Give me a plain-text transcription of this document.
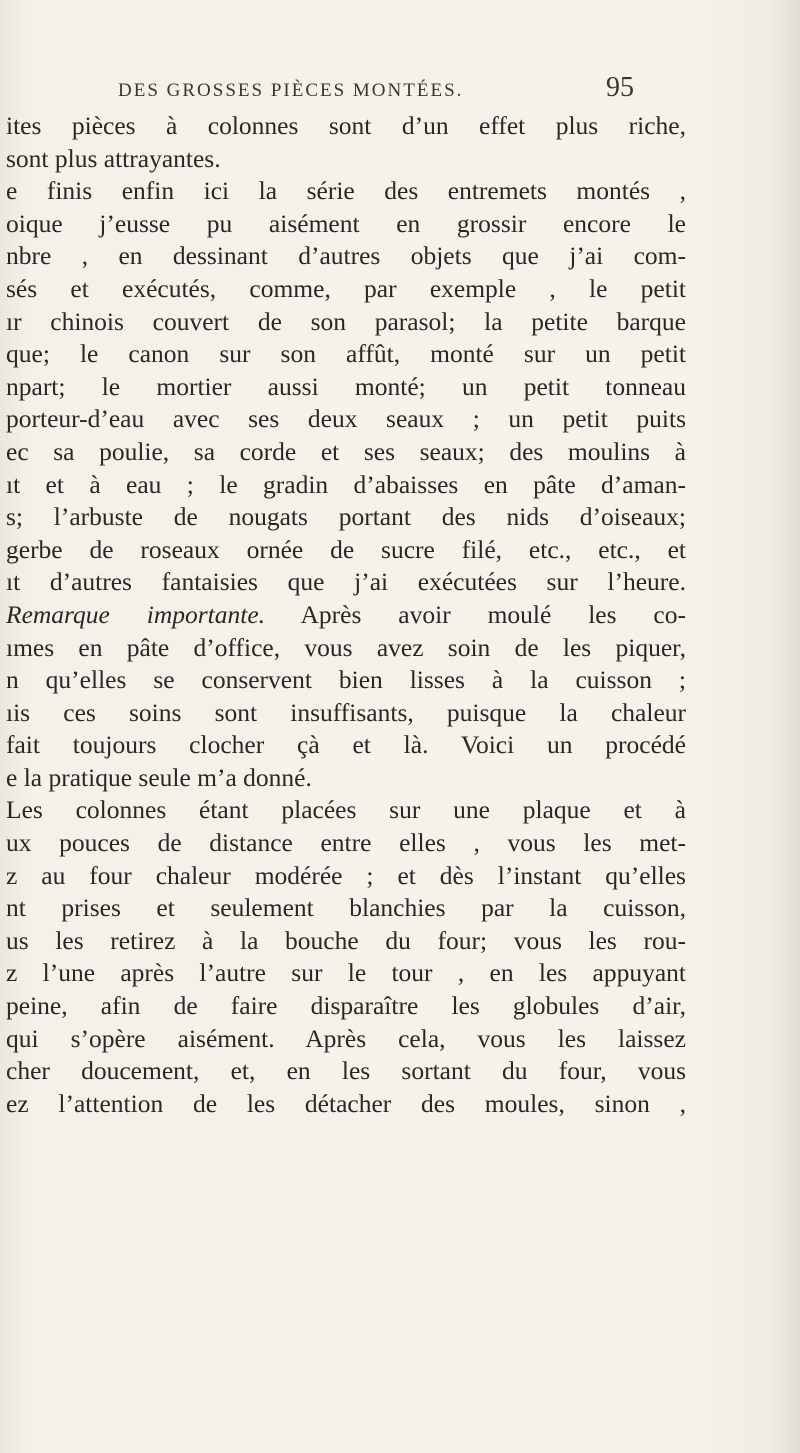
DES GROSSES PIÈCES MONTÉES.	95
ites pièces à colonnes sont d’un effet plus riche,
sont plus attrayantes.
e finis enfin ici la série des entremets montés ,
oique j’eusse pu aisément en grossir encore le
nbre , en dessinant d’autres objets que j’ai com-
sés et exécutés, comme, par exemple , le petit
ır chinois couvert de son parasol; la petite barque
que; le canon sur son affût, monté sur un petit
npart; le mortier aussi monté; un petit tonneau
porteur-d’eau avec ses deux seaux ; un petit puits
ec sa poulie, sa corde et ses seaux; des moulins à
ıt et à eau ; le gradin d’abaisses en pâte d’aman-
s; l’arbuste de nougats portant des nids d’oiseaux;
gerbe de roseaux ornée de sucre filé, etc., etc., et
ıt d’autres fantaisies que j’ai exécutées sur l’heure.
Remarque importante. Après avoir moulé les co-
ımes en pâte d’office, vous avez soin de les piquer,
n qu’elles se conservent bien lisses à la cuisson ;
ıis ces soins sont insuffisants, puisque la chaleur
fait toujours clocher çà et là. Voici un procédé
e la pratique seule m’a donné.
Les colonnes étant placées sur une plaque et à
ux pouces de distance entre elles , vous les met-
z au four chaleur modérée ; et dès l’instant qu’elles
nt prises et seulement blanchies par la cuisson,
us les retirez à la bouche du four; vous les rou-
z l’une après l’autre sur le tour , en les appuyant
peine, afin de faire disparaître les globules d’air,
qui s’opère aisément. Après cela, vous les laissez
cher doucement, et, en les sortant du four, vous
ez l’attention de les détacher des moules, sinon ,
